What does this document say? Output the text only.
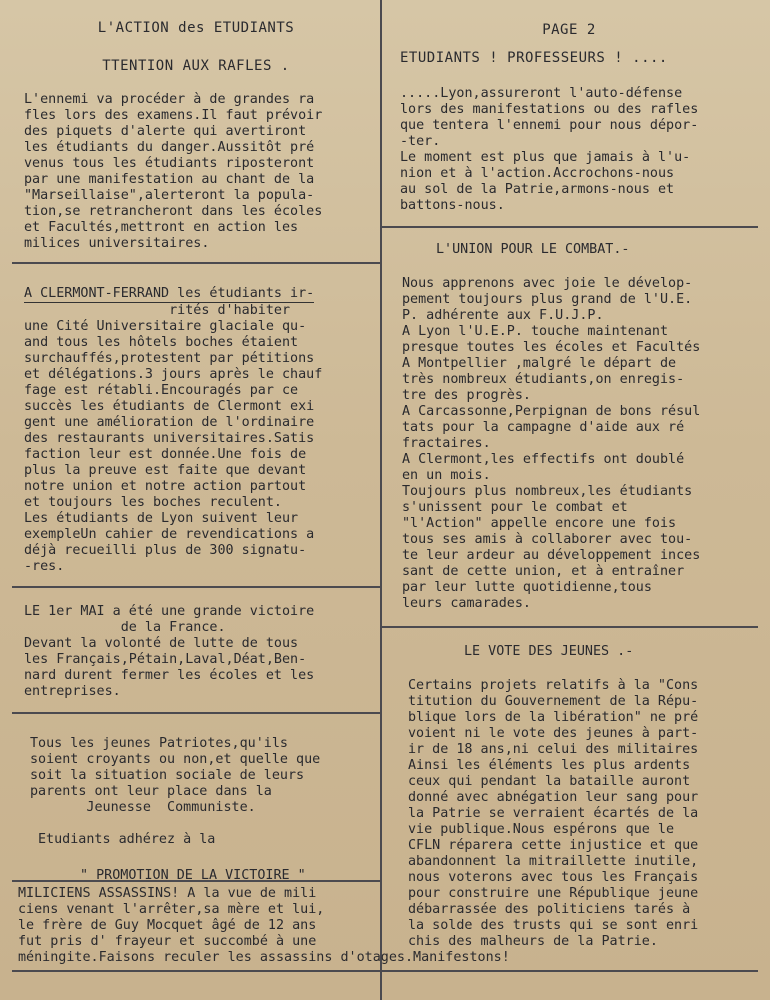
L'ACTION des ETUDIANTS
TTENTION AUX RAFLES .
L'ennemi va procéder à de grandes ra
fles lors des examens.Il faut prévoir
des piquets d'alerte qui avertiront
les étudiants du danger.Aussitôt pré
venus tous les étudiants riposteront
par une manifestation au chant de la
"Marseillaise",alerteront la popula-
tion,se retrancheront dans les écoles
et Facultés,mettront en action les
milices universitaires.
A CLERMONT-FERRAND les étudiants ir-
rités d'habiter
une Cité Universitaire glaciale qu-
and tous les hôtels boches étaient
surchauffés,protestent par pétitions
et délégations.3 jours après le chauf
fage est rétabli.Encouragés par ce
succès les étudiants de Clermont exi
gent une amélioration de l'ordinaire
des restaurants universitaires.Satis
faction leur est donnée.Une fois de
plus la preuve est faite que devant
notre union et notre action partout
et toujours les boches reculent.
Les étudiants de Lyon suivent leur
exempleUn cahier de revendications a
déjà recueilli plus de 300 signatu-
-res.
LE 1er MAI a été une grande victoire
de la France.
Devant la volonté de lutte de tous
les Français,Pétain,Laval,Déat,Ben-
nard durent fermer les écoles et les
entreprises.
Tous les jeunes Patriotes,qu'ils
soient croyants ou non,et quelle que
soit la situation sociale de leurs
parents ont leur place dans la
Jeunesse  Communiste.
Etudiants adhérez à la
" PROMOTION DE LA VICTOIRE "
MILICIENS ASSASSINS! A la vue de mili
ciens venant l'arrêter,sa mère et lui,
le frère de Guy Mocquet âgé de 12 ans
fut pris d' frayeur et succombé à une
méningite.Faisons reculer les assassins d'otages.Manifestons!
PAGE 2
ETUDIANTS ! PROFESSEURS ! ....
.....Lyon,assureront l'auto-défense
lors des manifestations ou des rafles
que tentera l'ennemi pour nous dépor-
-ter.
Le moment est plus que jamais à l'u-
nion et à l'action.Accrochons-nous
au sol de la Patrie,armons-nous et
battons-nous.
L'UNION POUR LE COMBAT.-
Nous apprenons avec joie le dévelop-
pement toujours plus grand de l'U.E.
P. adhérente aux F.U.J.P.
A Lyon l'U.E.P. touche maintenant
presque toutes les écoles et Facultés
A Montpellier ,malgré le départ de
très nombreux étudiants,on enregis-
tre des progrès.
A Carcassonne,Perpignan de bons résul
tats pour la campagne d'aide aux ré
fractaires.
A Clermont,les effectifs ont doublé
en un mois.
Toujours plus nombreux,les étudiants
s'unissent pour le combat et
"l'Action" appelle encore une fois
tous ses amis à collaborer avec tou-
te leur ardeur au développement inces
sant de cette union, et à entraîner
par leur lutte quotidienne,tous
leurs camarades.
LE VOTE DES JEUNES .-
Certains projets relatifs à la "Cons
titution du Gouvernement de la Répu-
blique lors de la libération" ne pré
voient ni le vote des jeunes à part-
ir de 18 ans,ni celui des militaires
Ainsi les éléments les plus ardents
ceux qui pendant la bataille auront
donné avec abnégation leur sang pour
la Patrie se verraient écartés de la
vie publique.Nous espérons que le
CFLN réparera cette injustice et que
abandonnent la mitraillette inutile,
nous voterons avec tous les Français
pour construire une République jeune
débarrassée des politiciens tarés à
la solde des trusts qui se sont enri
chis des malheurs de la Patrie.
